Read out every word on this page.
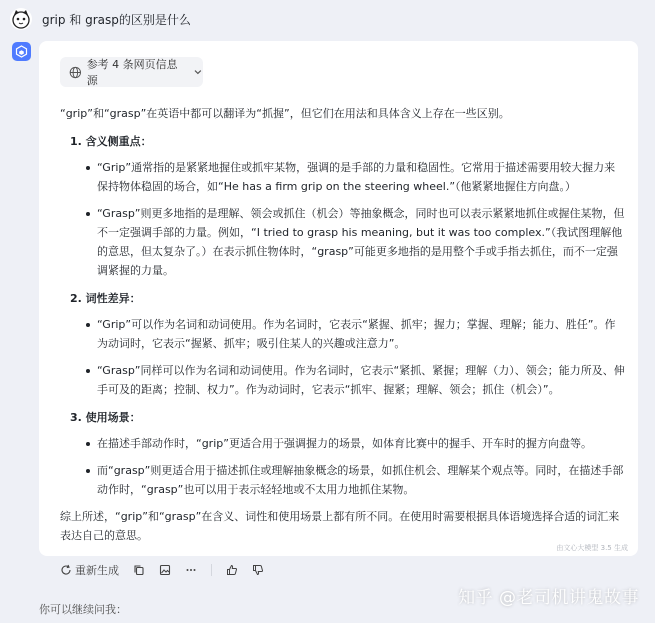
grip 和 grasp的区别是什么
参考 4 条网页信息源

“grip”和“grasp”在英语中都可以翻译为“抓握”，但它们在用法和具体含义上存在一些区别。

1. 含义侧重点：
“Grip”通常指的是紧紧地握住或抓牢某物，强调的是手部的力量和稳固性。它常用于描述需要用较大握力来保持物体稳固的场合，如“He has a firm grip on the steering wheel.”（他紧紧地握住方向盘。）
“Grasp”则更多地指的是理解、领会或抓住（机会）等抽象概念，同时也可以表示紧紧地抓住或握住某物，但不一定强调手部的力量。例如，“I tried to grasp his meaning, but it was too complex.”（我试图理解他的意思，但太复杂了。）在表示抓住物体时，“grasp”可能更多地指的是用整个手或手指去抓住，而不一定强调紧握的力量。
2. 词性差异：
“Grip”可以作为名词和动词使用。作为名词时，它表示“紧握、抓牢；握力；掌握、理解；能力、胜任”。作为动词时，它表示“握紧、抓牢；吸引住某人的兴趣或注意力”。
“Grasp”同样可以作为名词和动词使用。作为名词时，它表示“紧抓、紧握；理解（力）、领会；能力所及、伸手可及的距离；控制、权力”。作为动词时，它表示“抓牢、握紧；理解、领会；抓住（机会）”。
3. 使用场景：
在描述手部动作时，“grip”更适合用于强调握力的场景，如体育比赛中的握手、开车时的握方向盘等。
而“grasp”则更适合用于描述抓住或理解抽象概念的场景，如抓住机会、理解某个观点等。同时，在描述手部动作时，“grasp”也可以用于表示轻轻地或不太用力地抓住某物。

综上所述，“grip”和“grasp”在含义、词性和使用场景上都有所不同。在使用时需要根据具体语境选择合适的词汇来表达自己的意思。

由文心大模型 3.5 生成
重新生成
你可以继续问我：
知乎 @老司机讲鬼故事
